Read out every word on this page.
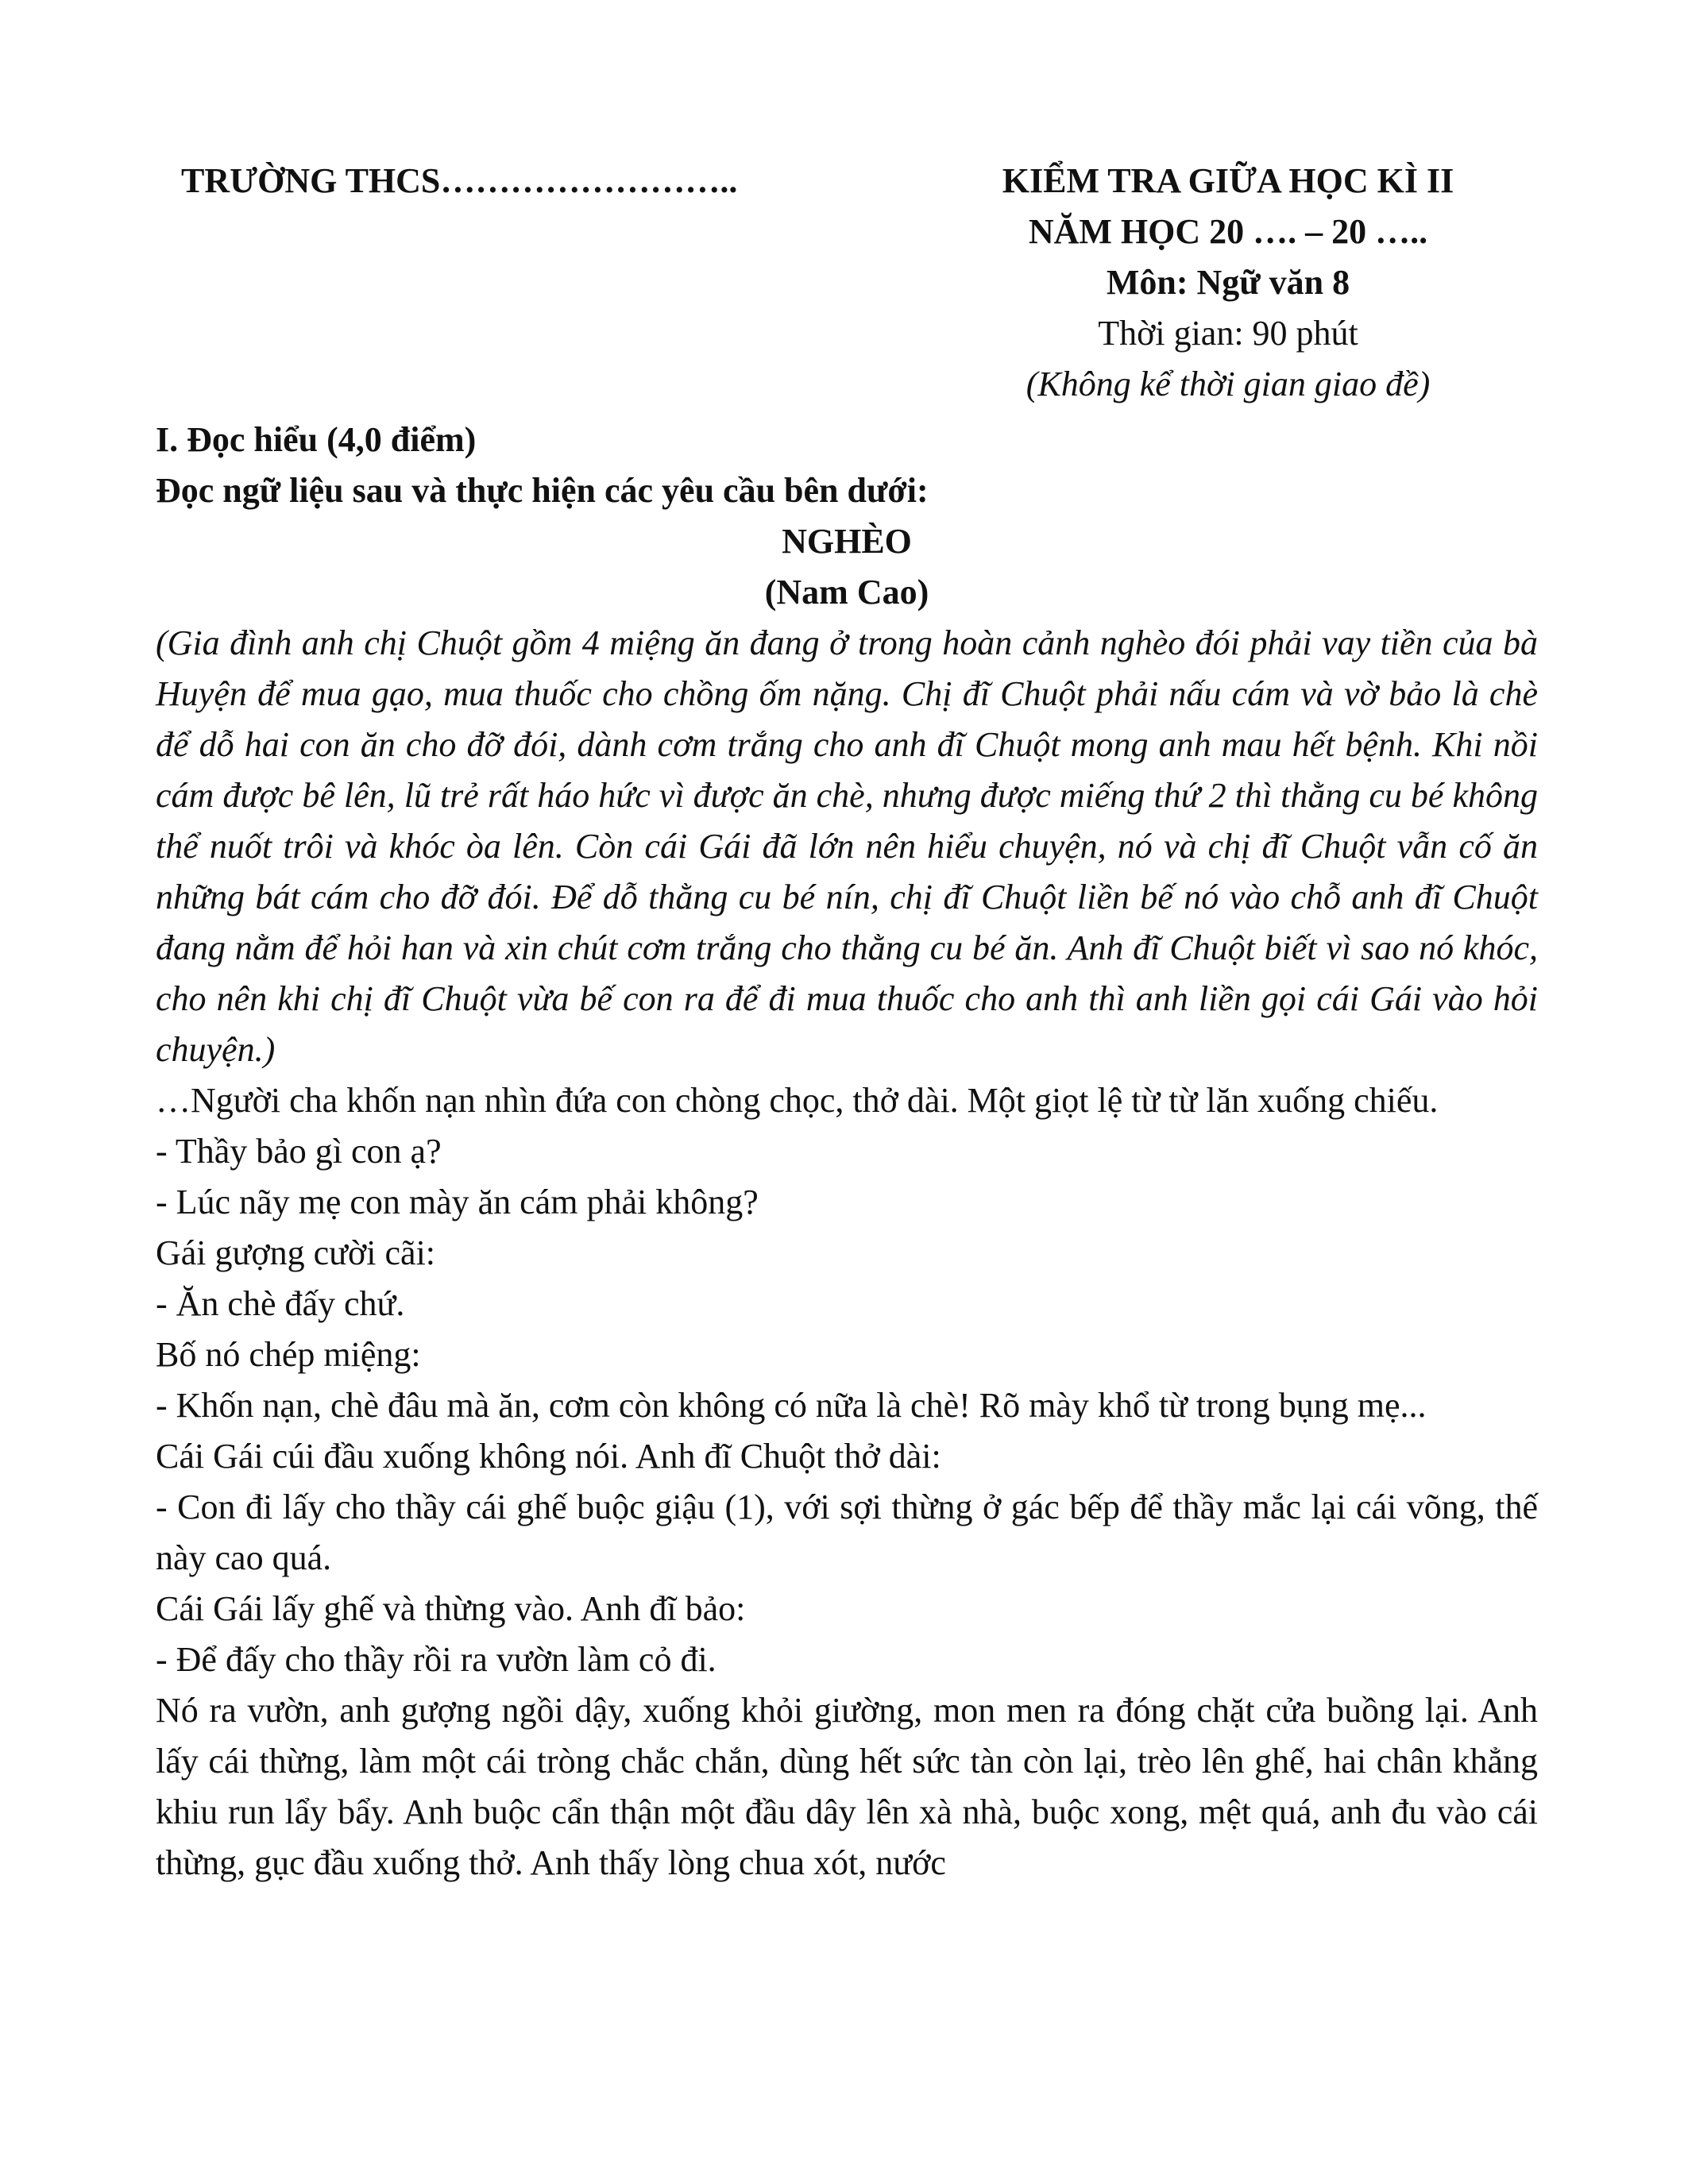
TRƯỜNG THCS……………………..	KIỂM TRA GIỮA HỌC KÌ II
NĂM HỌC 20 …. – 20 …..
Môn: Ngữ văn 8
Thời gian: 90 phút
(Không kể thời gian giao đề)
I. Đọc hiểu (4,0 điểm)
Đọc ngữ liệu sau và thực hiện các yêu cầu bên dưới:
NGHÈO
(Nam Cao)

(Gia đình anh chị Chuột gồm 4 miệng ăn đang ở trong hoàn cảnh nghèo đói phải vay tiền của bà Huyện để mua gạo, mua thuốc cho chồng ốm nặng. Chị đĩ Chuột phải nấu cám và vờ bảo là chè để dỗ hai con ăn cho đỡ đói, dành cơm trắng cho anh đĩ Chuột mong anh mau hết bệnh. Khi nồi cám được bê lên, lũ trẻ rất háo hức vì được ăn chè, nhưng được miếng thứ 2 thì thằng cu bé không thể nuốt trôi và khóc òa lên. Còn cái Gái đã lớn nên hiểu chuyện, nó và chị đĩ Chuột vẫn cố ăn những bát cám cho đỡ đói. Để dỗ thằng cu bé nín, chị đĩ Chuột liền bế nó vào chỗ anh đĩ Chuột đang nằm để hỏi han và xin chút cơm trắng cho thằng cu bé ăn. Anh đĩ Chuột biết vì sao nó khóc, cho nên khi chị đĩ Chuột vừa bế con ra để đi mua thuốc cho anh thì anh liền gọi cái Gái vào hỏi chuyện.)

…Người cha khốn nạn nhìn đứa con chòng chọc, thở dài. Một giọt lệ từ từ lăn xuống chiếu.

- Thầy bảo gì con ạ?
- Lúc nãy mẹ con mày ăn cám phải không?
Gái gượng cười cãi:
- Ăn chè đấy chứ.
Bố nó chép miệng:

- Khốn nạn, chè đâu mà ăn, cơm còn không có nữa là chè! Rõ mày khổ từ trong bụng mẹ...

Cái Gái cúi đầu xuống không nói. Anh đĩ Chuột thở dài:

- Con đi lấy cho thầy cái ghế buộc giậu (1), với sợi thừng ở gác bếp để thầy mắc lại cái võng, thế này cao quá.

Cái Gái lấy ghế và thừng vào. Anh đĩ bảo:
- Để đấy cho thầy rồi ra vườn làm cỏ đi.

Nó ra vườn, anh gượng ngồi dậy, xuống khỏi giường, mon men ra đóng chặt cửa buồng lại. Anh lấy cái thừng, làm một cái tròng chắc chắn, dùng hết sức tàn còn lại, trèo lên ghế, hai chân khẳng khiu run lẩy bẩy. Anh buộc cẩn thận một đầu dây lên xà nhà, buộc xong, mệt quá, anh đu vào cái thừng, gục đầu xuống thở. Anh thấy lòng chua xót, nước
